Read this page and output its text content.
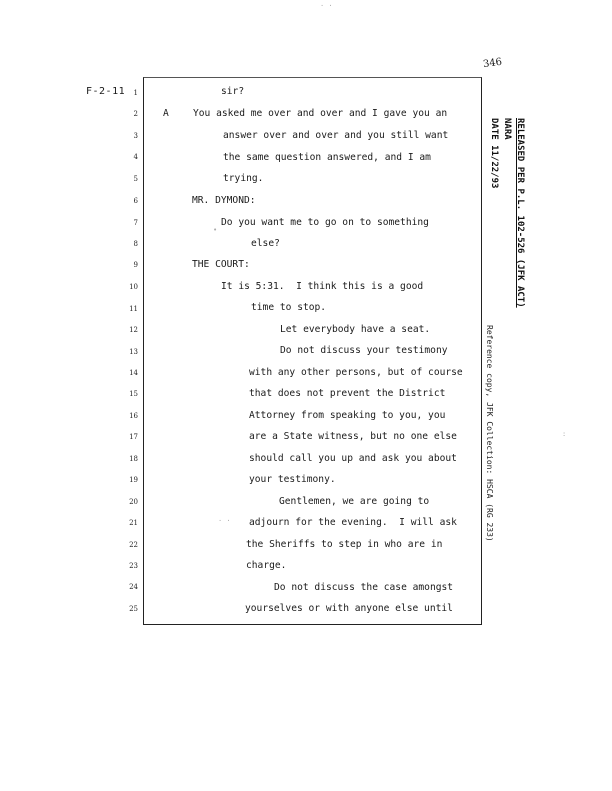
F-2-11
346

RELEASED PER P.L. 102-526 (JFK ACT)

NARA

DATE 11/22/93

Reference copy, JFK Collection: HSCA (RG 233)
1
2
3
4
5
6
7
8
9
10
11
12
13
14
15
16
17
18
19
20
21
22
23
24
25
sir?
A	You asked me over and over and I gave you an
answer over and over and you still want
the same question answered, and I am
trying.
MR. DYMOND:
Do you want me to go on to something
else?
THE COURT:
It is 5:31.  I think this is a good
time to stop.
Let everybody have a seat.
Do not discuss your testimony
with any other persons, but of course
that does not prevent the District
Attorney from speaking to you, you
are a State witness, but no one else
should call you up and ask you about
your testimony.
Gentlemen, we are going to
adjourn for the evening.  I will ask
the Sheriffs to step in who are in
charge.
Do not discuss the case amongst
yourselves or with anyone else until
•
· ·
· ·
:
